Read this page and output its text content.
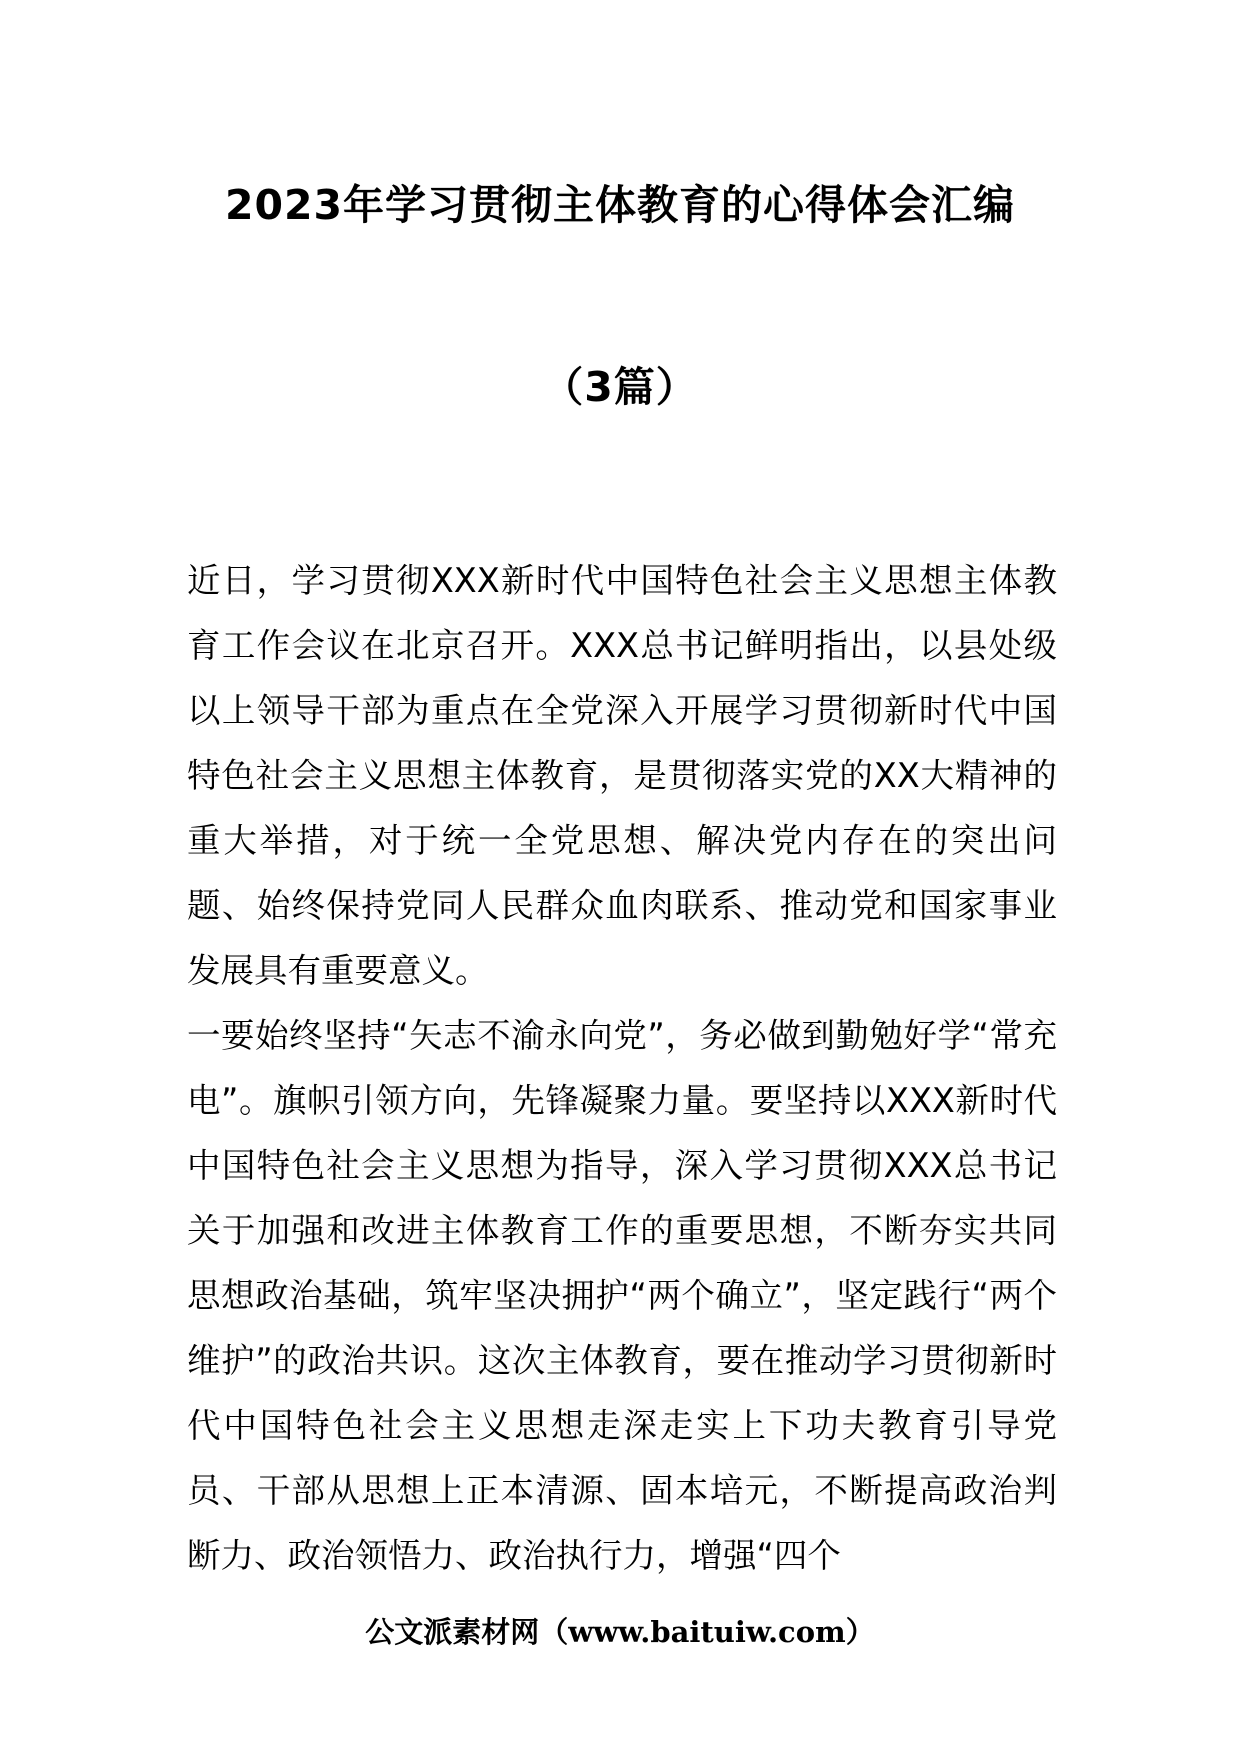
2023年学习贯彻主体教育的心得体会汇编
（3篇）

近日，学习贯彻XXX新时代中国特色社会主义思想主体教育工作会议在北京召开。XXX总书记鲜明指出，以县处级以上领导干部为重点在全党深入开展学习贯彻新时代中国特色社会主义思想主体教育，是贯彻落实党的XX大精神的重大举措，对于统一全党思想、解决党内存在的突出问题、始终保持党同人民群众血肉联系、推动党和国家事业发展具有重要意义。

一要始终坚持“矢志不渝永向党”，务必做到勤勉好学“常充电”。旗帜引领方向，先锋凝聚力量。要坚持以XXX新时代中国特色社会主义思想为指导，深入学习贯彻XXX总书记关于加强和改进主体教育工作的重要思想，不断夯实共同思想政治基础，筑牢坚决拥护“两个确立”，坚定践行“两个维护”的政治共识。这次主体教育，要在推动学习贯彻新时代中国特色社会主义思想走深走实上下功夫教育引导党员、干部从思想上正本清源、固本培元，不断提高政治判断力、政治领悟力、政治执行力，增强“四个

公文派素材网（www.baituiw.com）
